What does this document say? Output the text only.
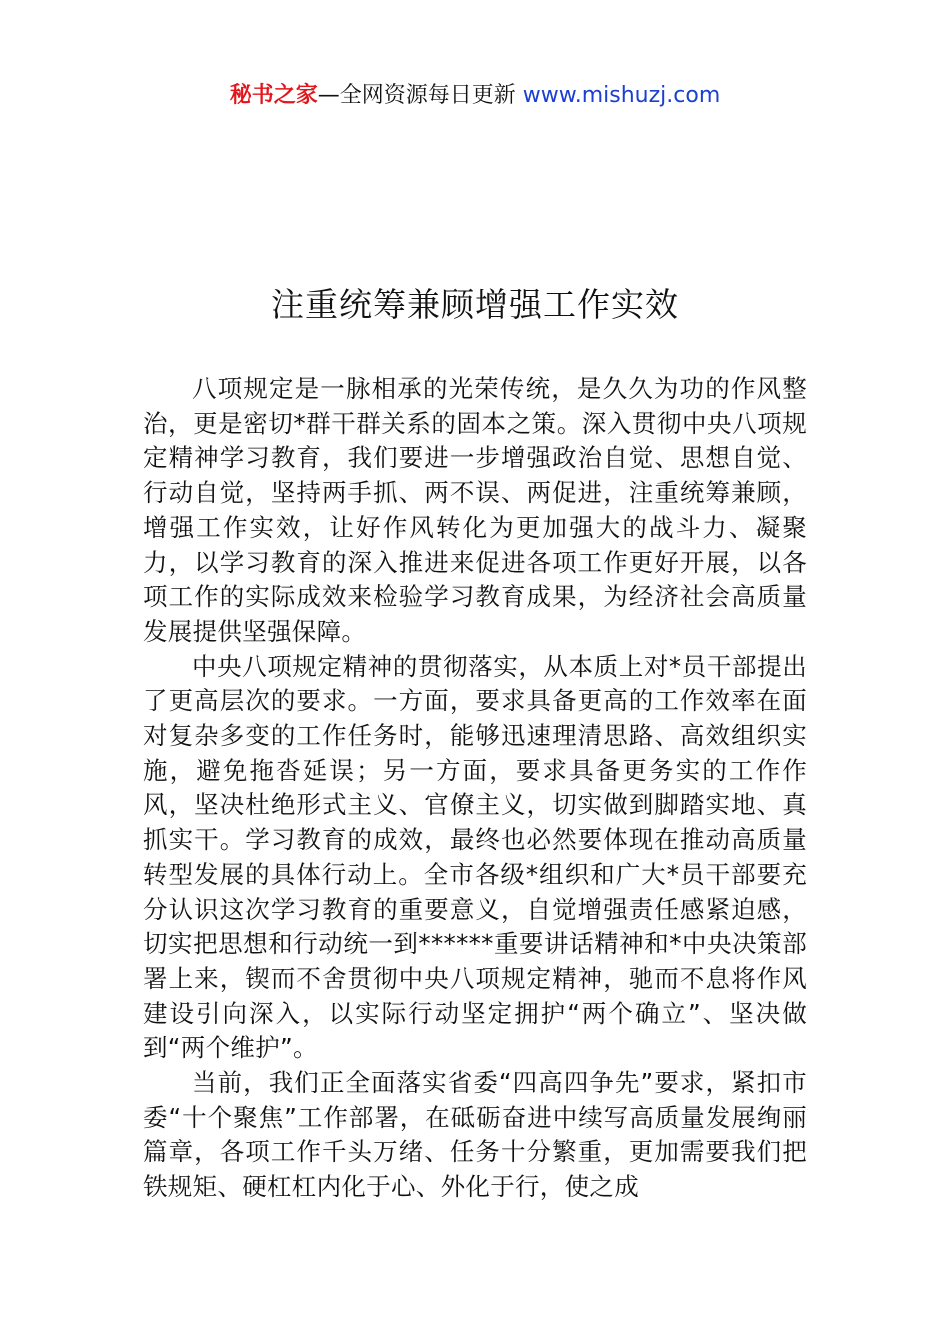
秘书之家—全网资源每日更新 www.mishuzj.com
注重统筹兼顾增强工作实效

八项规定是一脉相承的光荣传统，是久久为功的作风整治，更是密切*群干群关系的固本之策。深入贯彻中央八项规定精神学习教育，我们要进一步增强政治自觉、思想自觉、行动自觉，坚持两手抓、两不误、两促进，注重统筹兼顾，增强工作实效，让好作风转化为更加强大的战斗力、凝聚力，以学习教育的深入推进来促进各项工作更好开展，以各项工作的实际成效来检验学习教育成果，为经济社会高质量发展提供坚强保障。

中央八项规定精神的贯彻落实，从本质上对*员干部提出了更高层次的要求。一方面，要求具备更高的工作效率在面对复杂多变的工作任务时，能够迅速理清思路、高效组织实施，避免拖沓延误；另一方面，要求具备更务实的工作作风，坚决杜绝形式主义、官僚主义，切实做到脚踏实地、真抓实干。学习教育的成效，最终也必然要体现在推动高质量转型发展的具体行动上。全市各级*组织和广大*员干部要充分认识这次学习教育的重要意义，自觉增强责任感紧迫感，切实把思想和行动统一到******重要讲话精神和*中央决策部署上来，锲而不舍贯彻中央八项规定精神，驰而不息将作风建设引向深入，以实际行动坚定拥护“两个确立”、坚决做到“两个维护”。

当前，我们正全面落实省委“四高四争先”要求，紧扣市委“十个聚焦”工作部署，在砥砺奋进中续写高质量发展绚丽篇章，各项工作千头万绪、任务十分繁重，更加需要我们把铁规矩、硬杠杠内化于心、外化于行，使之成
